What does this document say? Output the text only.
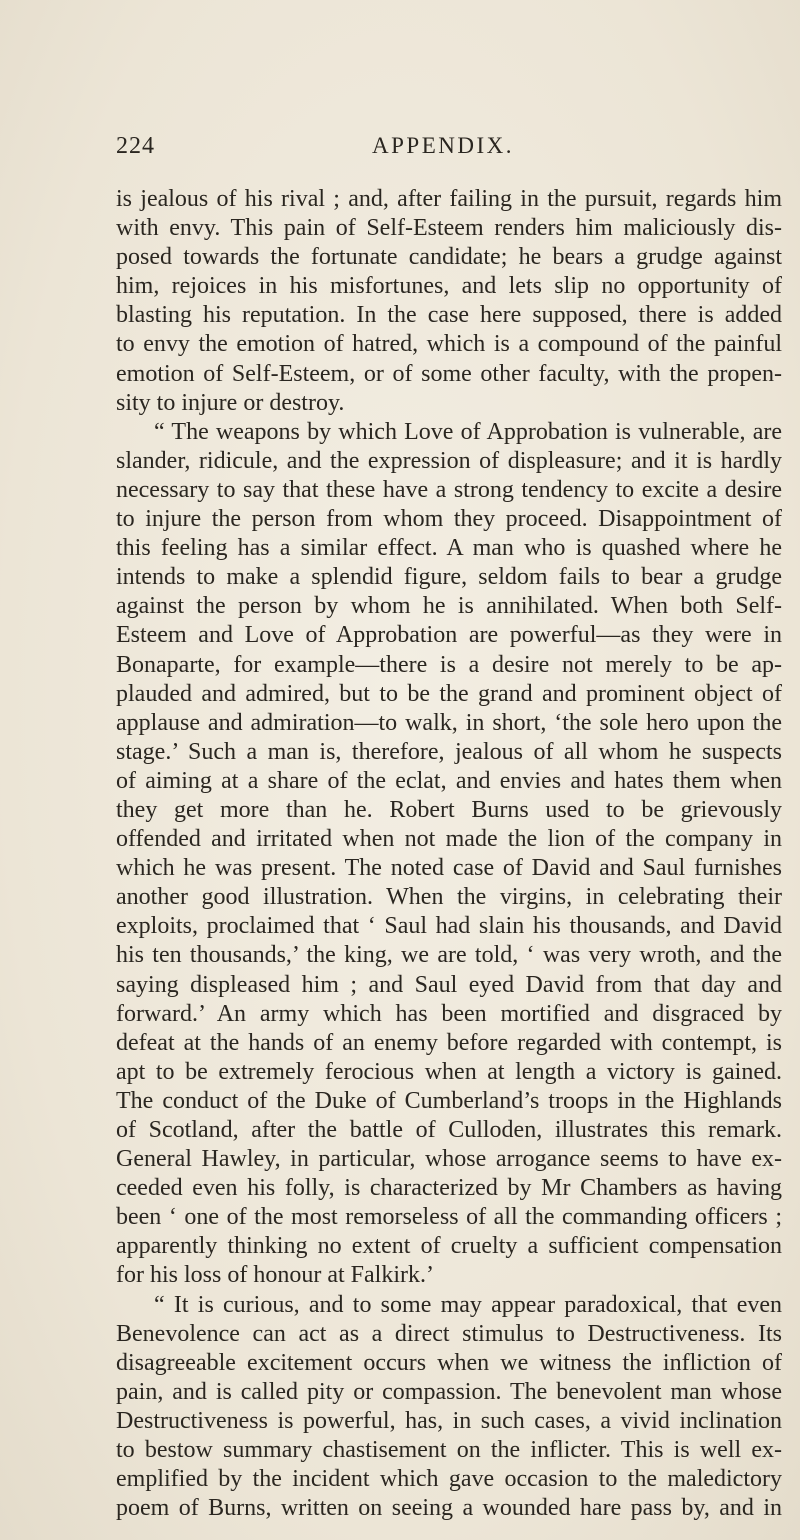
224	APPENDIX.
is jealous of his rival ; and, after failing in the pursuit, regards him
with envy. This pain of Self-Esteem renders him maliciously dis-
posed towards the fortunate candidate; he bears a grudge against
him, rejoices in his misfortunes, and lets slip no opportunity of
blasting his reputation. In the case here supposed, there is added
to envy the emotion of hatred, which is a compound of the painful
emotion of Self-Esteem, or of some other faculty, with the propen-
sity to injure or destroy.
“ The weapons by which Love of Approbation is vulnerable, are
slander, ridicule, and the expression of displeasure; and it is hardly
necessary to say that these have a strong tendency to excite a desire
to injure the person from whom they proceed. Disappointment of
this feeling has a similar effect. A man who is quashed where he
intends to make a splendid figure, seldom fails to bear a grudge
against the person by whom he is annihilated. When both Self-
Esteem and Love of Approbation are powerful—as they were in
Bonaparte, for example—there is a desire not merely to be ap-
plauded and admired, but to be the grand and prominent object of
applause and admiration—to walk, in short, ‘the sole hero upon the
stage.’ Such a man is, therefore, jealous of all whom he suspects
of aiming at a share of the eclat, and envies and hates them when
they get more than he. Robert Burns used to be grievously
offended and irritated when not made the lion of the company in
which he was present. The noted case of David and Saul furnishes
another good illustration. When the virgins, in celebrating their
exploits, proclaimed that ‘ Saul had slain his thousands, and David
his ten thousands,’ the king, we are told, ‘ was very wroth, and the
saying displeased him ; and Saul eyed David from that day and
forward.’ An army which has been mortified and disgraced by
defeat at the hands of an enemy before regarded with contempt, is
apt to be extremely ferocious when at length a victory is gained.
The conduct of the Duke of Cumberland’s troops in the Highlands
of Scotland, after the battle of Culloden, illustrates this remark.
General Hawley, in particular, whose arrogance seems to have ex-
ceeded even his folly, is characterized by Mr Chambers as having
been ‘ one of the most remorseless of all the commanding officers ;
apparently thinking no extent of cruelty a sufficient compensation
for his loss of honour at Falkirk.’
“ It is curious, and to some may appear paradoxical, that even
Benevolence can act as a direct stimulus to Destructiveness. Its
disagreeable excitement occurs when we witness the infliction of
pain, and is called pity or compassion. The benevolent man whose
Destructiveness is powerful, has, in such cases, a vivid inclination
to bestow summary chastisement on the inflicter. This is well ex-
emplified by the incident which gave occasion to the maledictory
poem of Burns, written on seeing a wounded hare pass by, and in
